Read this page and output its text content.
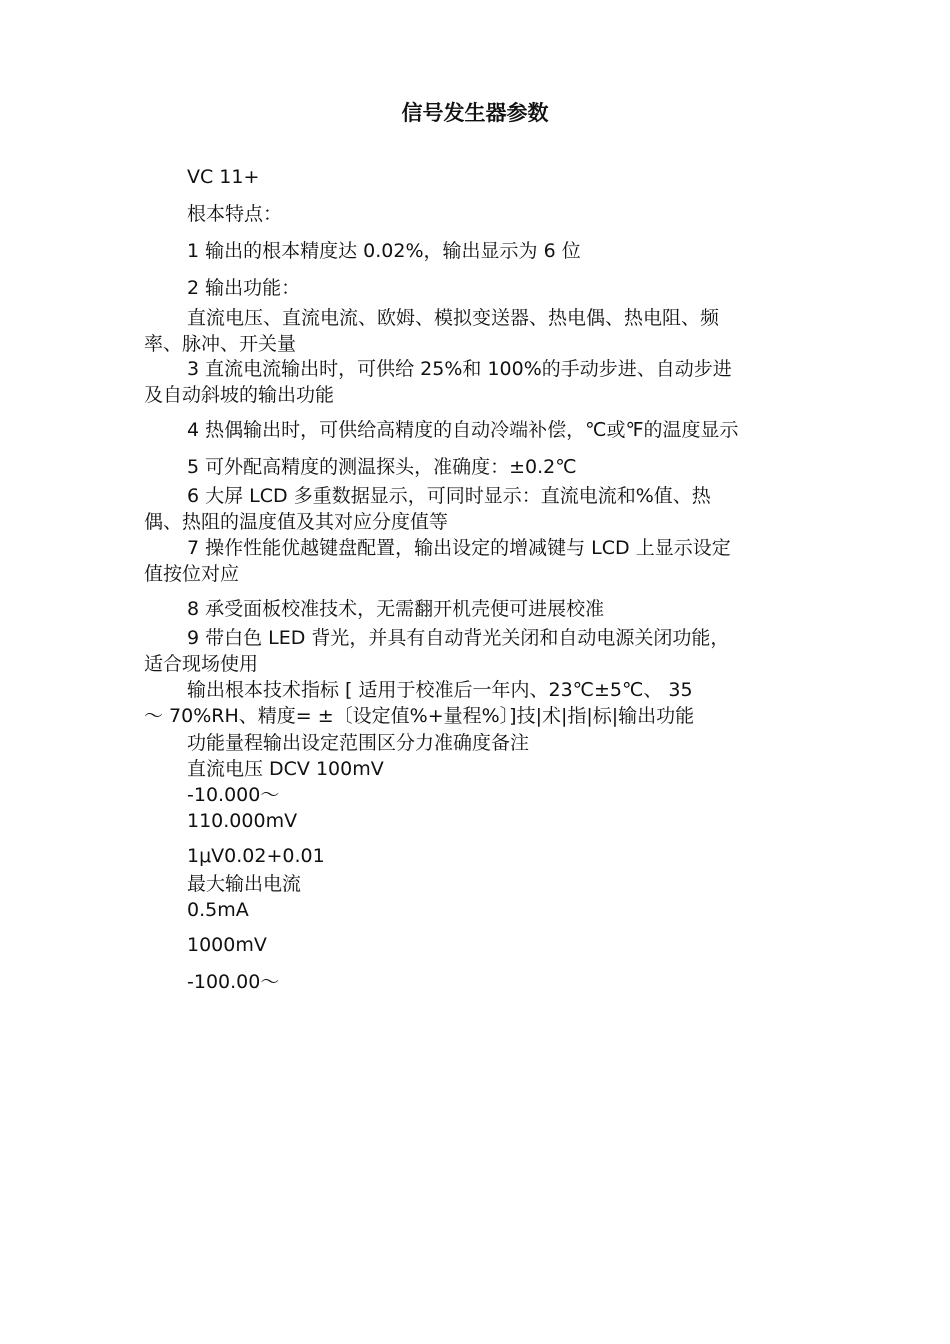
信号发生器参数
VC 11+
根本特点：
1 输出的根本精度达 0.02%，输出显示为 6 位
2 输出功能：
直流电压、直流电流、欧姆、模拟变送器、热电偶、热电阻、频
率、脉冲、开关量
3 直流电流输出时，可供给 25%和 100%的手动步进、自动步进
及自动斜坡的输出功能
4 热偶输出时，可供给高精度的自动冷端补偿，℃或℉的温度显示
5 可外配高精度的测温探头，准确度：±0.2℃
6 大屏 LCD 多重数据显示，可同时显示：直流电流和%值、热
偶、热阻的温度值及其对应分度值等
7 操作性能优越键盘配置，输出设定的增减键与 LCD 上显示设定
值按位对应
8 承受面板校准技术，无需翻开机壳便可进展校准
9 带白色 LED 背光，并具有自动背光关闭和自动电源关闭功能，
适合现场使用
输出根本技术指标 [ 适用于校准后一年内、23℃±5℃、 35
～ 70%RH、精度= ±〔设定值%+量程%〕]技|术|指|标|输出功能
功能量程输出设定范围区分力准确度备注
直流电压 DCV 100mV
-10.000～
110.000mV
1μV0.02+0.01
最大输出电流
0.5mA
1000mV
-100.00～
